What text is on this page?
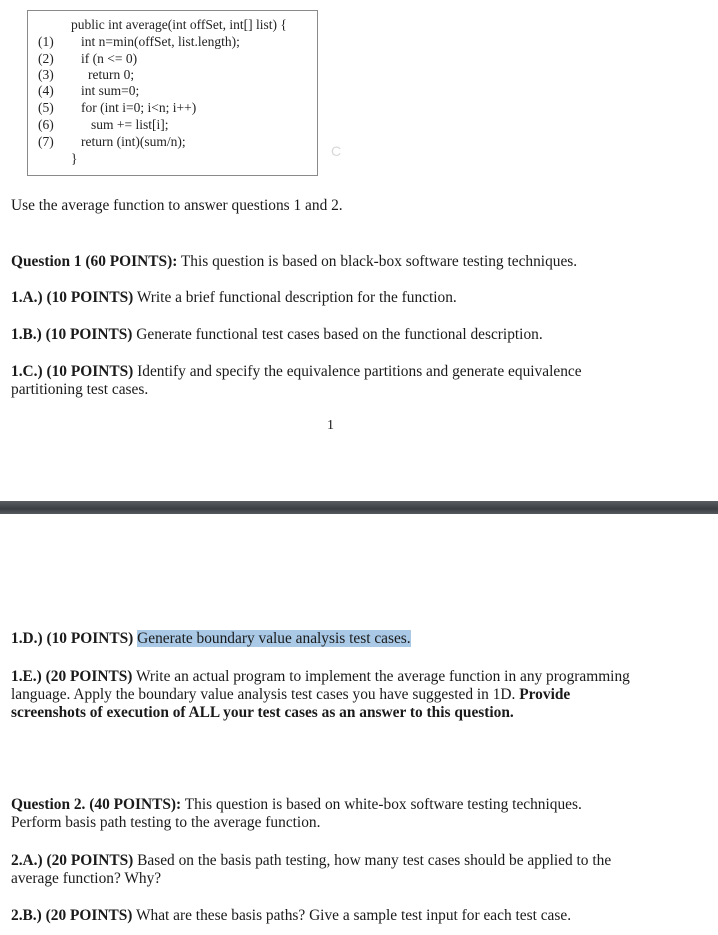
public int average(int offSet, int[] list) {
(1) int n=min(offSet, list.length);
(2) if (n <= 0)
(3)	return 0;
(4) int sum=0;
(5) for (int i=0; i<n; i++)
(6)	sum += list[i];
(7) return (int)(sum/n);
}	C

Use the average function to answer questions 1 and 2.

Question 1 (60 POINTS): This question is based on black-box software testing techniques.

1.A.) (10 POINTS) Write a brief functional description for the function.

1.B.) (10 POINTS) Generate functional test cases based on the functional description.

1.C.) (10 POINTS) Identify and specify the equivalence partitions and generate equivalence partitioning test cases.

1

1.D.) (10 POINTS) Generate boundary value analysis test cases.

1.E.) (20 POINTS) Write an actual program to implement the average function in any programming language. Apply the boundary value analysis test cases you have suggested in 1D. Provide screenshots of execution of ALL your test cases as an answer to this question.

Question 2. (40 POINTS): This question is based on white-box software testing techniques. Perform basis path testing to the average function.

2.A.) (20 POINTS) Based on the basis path testing, how many test cases should be applied to the average function? Why?

2.B.) (20 POINTS) What are these basis paths? Give a sample test input for each test case.
